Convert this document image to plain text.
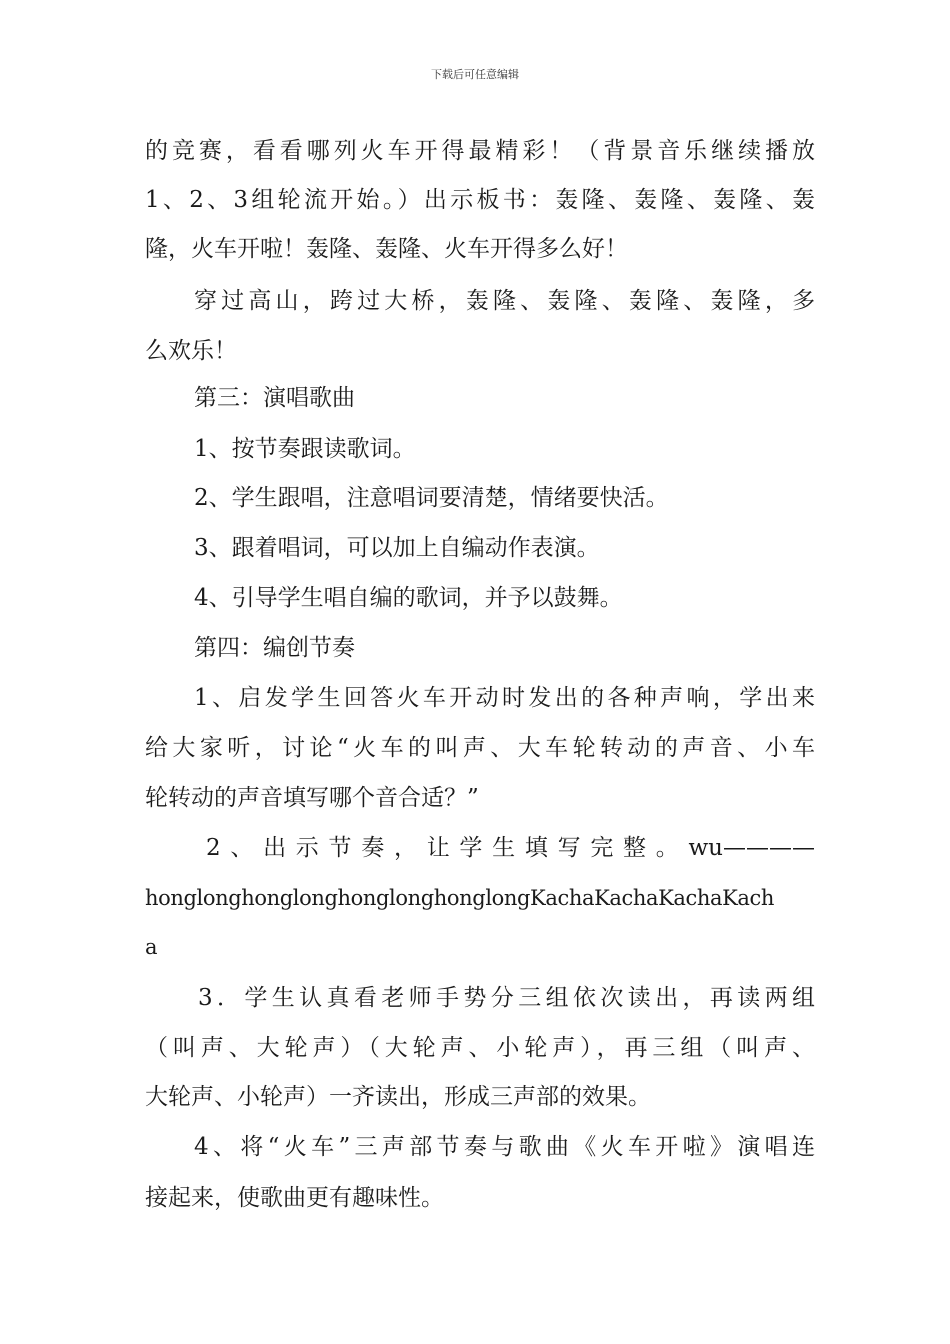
下载后可任意编辑
的竞赛，看看哪列火车开得最精彩！（背景音乐继续播放
1、2、3组轮流开始。）出示板书：轰隆、轰隆、轰隆、轰
隆，火车开啦！轰隆、轰隆、火车开得多么好！
穿过高山，跨过大桥，轰隆、轰隆、轰隆、轰隆，多
么欢乐！
第三：演唱歌曲
1、按节奏跟读歌词。
2、学生跟唱，注意唱词要清楚，情绪要快活。
3、跟着唱词，可以加上自编动作表演。
4、引导学生唱自编的歌词，并予以鼓舞。
第四：编创节奏
1、启发学生回答火车开动时发出的各种声响，学出来
给大家听，讨论“火车的叫声、大车轮转动的声音、小车
轮转动的声音填写哪个音合适？”
2、出示节奏，让学生填写完整。wu————
honglonghonglonghonglonghonglongKachaKachaKachaKach
a
3．学生认真看老师手势分三组依次读出，再读两组
（叫声、大轮声）（大轮声、小轮声），再三组（叫声、
大轮声、小轮声）一齐读出，形成三声部的效果。
4、将“火车”三声部节奏与歌曲《火车开啦》演唱连
接起来，使歌曲更有趣味性。
